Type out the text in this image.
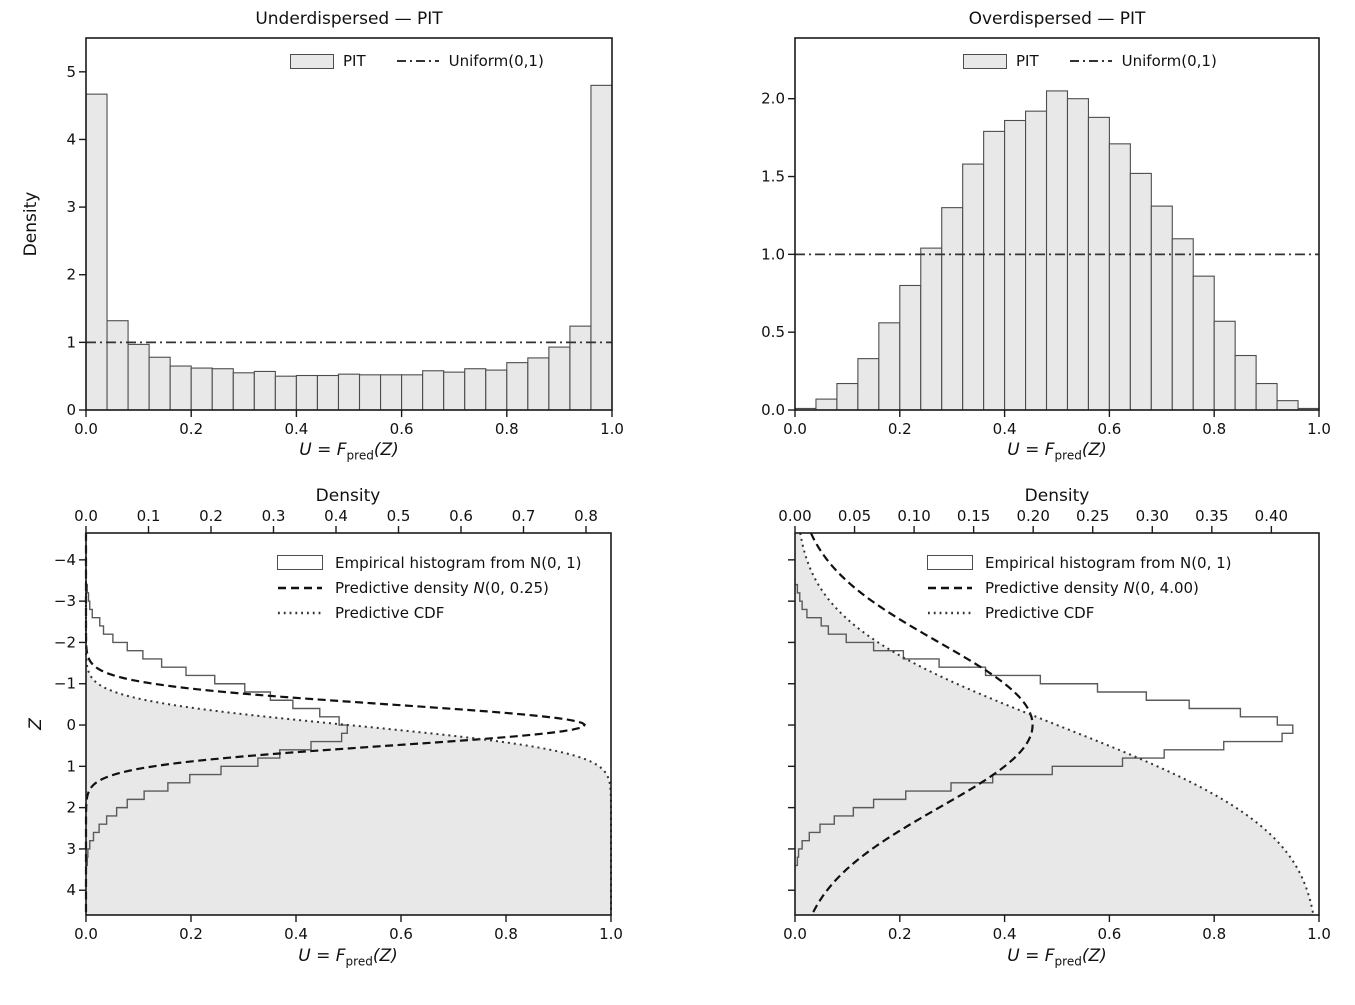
0.0	0.2	0.4	0.6	0.8	1.0
0
1
2
3
4
5
0.0	0.2	0.4	0.6	0.8	1.0
0.0
0.5
1.0
1.5
2.0
0.0	0.2	0.4	0.6	0.8	1.0
−4
−3
−2
−1
0
1
2
3
4
0.0	0.1	0.2	0.3	0.4	0.5	0.6	0.7	0.8
0.0	0.2	0.4	0.6	0.8	1.0
0.00 0.05 0.10 0.15 0.20 0.25 0.30 0.35 0.40
Underdispersed — PIT	Overdispersed — PIT
Density
Z
Density	Density
$U = F_{pred}(Z)$	$U = F_{pred}(Z)$
$U = F_{pred}(Z)$	$U = F_{pred}(Z)$
PIT	Uniform(0,1)	PIT	Uniform(0,1)
Empirical histogram from N(0, 1)
Predictive density N(0, 0.25)
Predictive CDF
Empirical histogram from N(0, 1)
Predictive density N(0, 4.00)
Predictive CDF
